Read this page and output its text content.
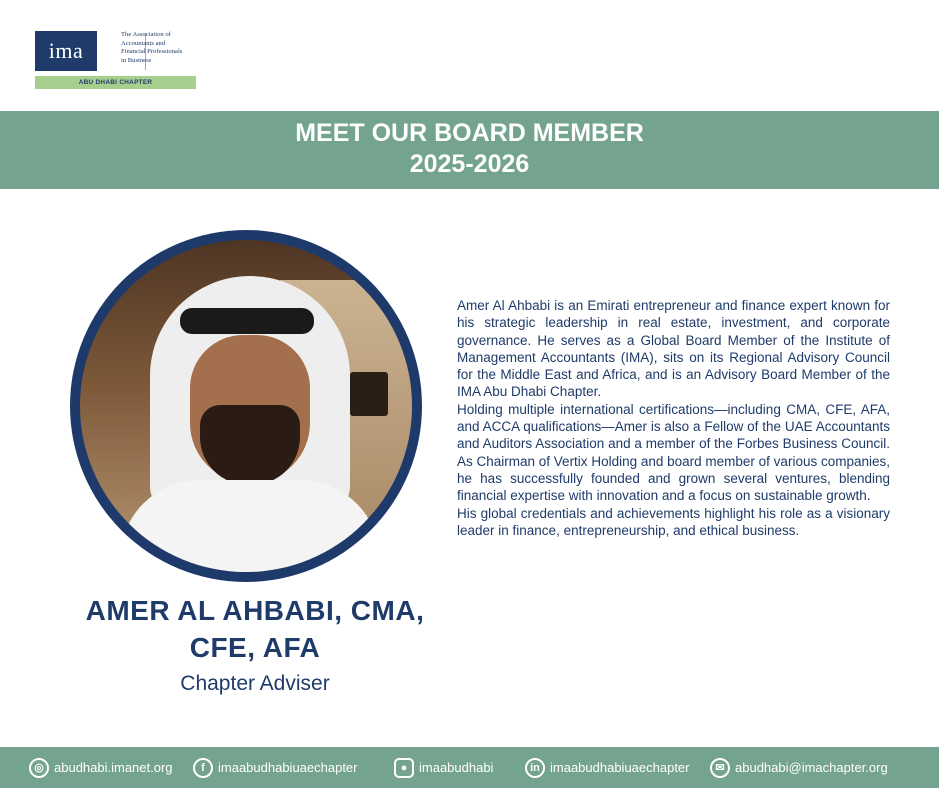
ima
The Association of
Accountants and
Financial Professionals
in Business
ABU DHABI CHAPTER
MEET OUR BOARD MEMBER
2025-2026
AMER AL AHBABI, CMA,
CFE, AFA
Chapter Adviser

Amer Al Ahbabi is an Emirati entrepreneur and finance expert known for his strategic leadership in real estate, investment, and corporate governance. He serves as a Global Board Member of the Institute of Management Accountants (IMA), sits on its Regional Advisory Council for the Middle East and Africa, and is an Advisory Board Member of the IMA Abu Dhabi Chapter.

Holding multiple international certifications—including CMA, CFE, AFA, and ACCA qualifications—Amer is also a Fellow of the UAE Accountants and Auditors Association and a member of the Forbes Business Council. As Chairman of Vertix Holding and board member of various companies, he has successfully founded and grown several ventures, blending financial expertise with innovation and a focus on sustainable growth.

His global credentials and achievements highlight his role as a visionary leader in finance, entrepreneurship, and ethical business.

◎ abudhabi.imanet.org	f	imaabudhabiuaechapter	● imaabudhabi	in imaabudhabiuaechapter	✉ abudhabi@imachapter.org
